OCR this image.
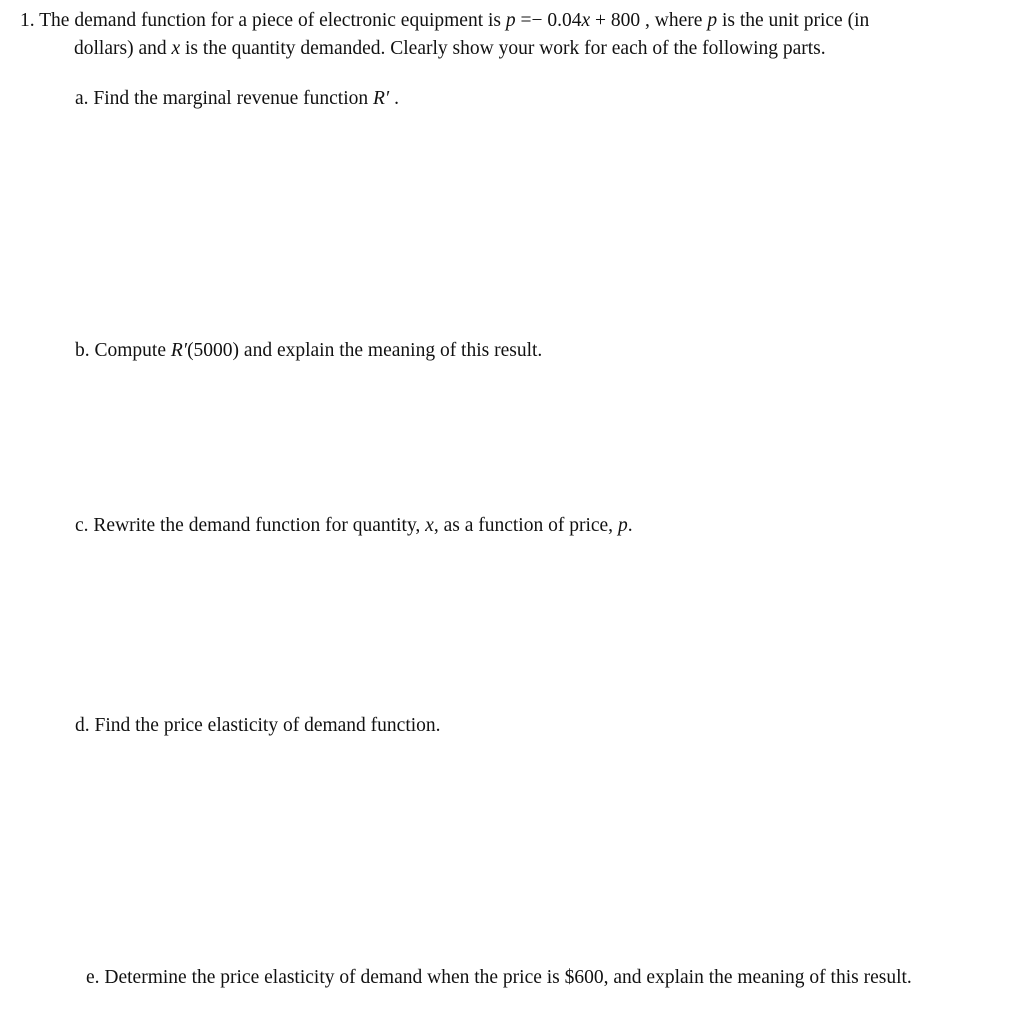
1. The demand function for a piece of electronic equipment is p =− 0.04x + 800 , where p is the unit price (in
dollars) and x is the quantity demanded. Clearly show your work for each of the following parts.
a. Find the marginal revenue function R′ .
b. Compute R′(5000) and explain the meaning of this result.
c. Rewrite the demand function for quantity, x, as a function of price, p.
d. Find the price elasticity of demand function.
e. Determine the price elasticity of demand when the price is $600, and explain the meaning of this result.
